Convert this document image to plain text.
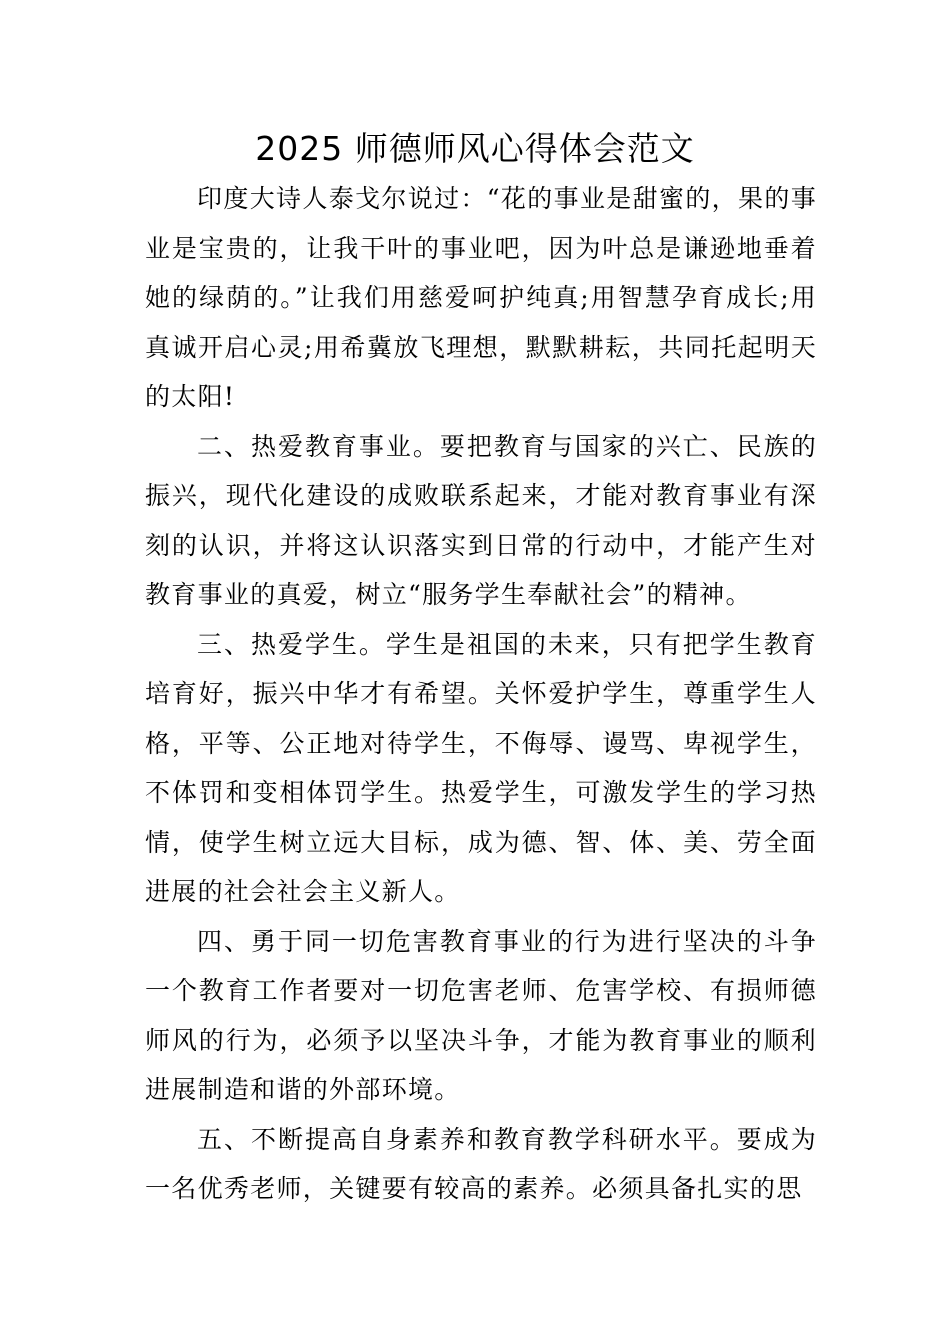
2025 师德师风心得体会范文

印度大诗人泰戈尔说过：“花的事业是甜蜜的，果的事业是宝贵的，让我干叶的事业吧，因为叶总是谦逊地垂着她的绿荫的。”让我们用慈爱呵护纯真;用智慧孕育成长;用真诚开启心灵;用希冀放飞理想，默默耕耘，共同托起明天的太阳!

二、热爱教育事业。要把教育与国家的兴亡、民族的振兴，现代化建设的成败联系起来，才能对教育事业有深刻的认识，并将这认识落实到日常的行动中，才能产生对教育事业的真爱，树立“服务学生奉献社会”的精神。

三、热爱学生。学生是祖国的未来，只有把学生教育培育好，振兴中华才有希望。关怀爱护学生，尊重学生人格，平等、公正地对待学生，不侮辱、谩骂、卑视学生，不体罚和变相体罚学生。热爱学生，可激发学生的学习热情，使学生树立远大目标，成为德、智、体、美、劳全面进展的社会社会主义新人。

四、勇于同一切危害教育事业的行为进行坚决的斗争一个教育工作者要对一切危害老师、危害学校、有损师德师风的行为，必须予以坚决斗争，才能为教育事业的顺利进展制造和谐的外部环境。

五、不断提高自身素养和教育教学科研水平。要成为一名优秀老师，关键要有较高的素养。必须具备扎实的思
